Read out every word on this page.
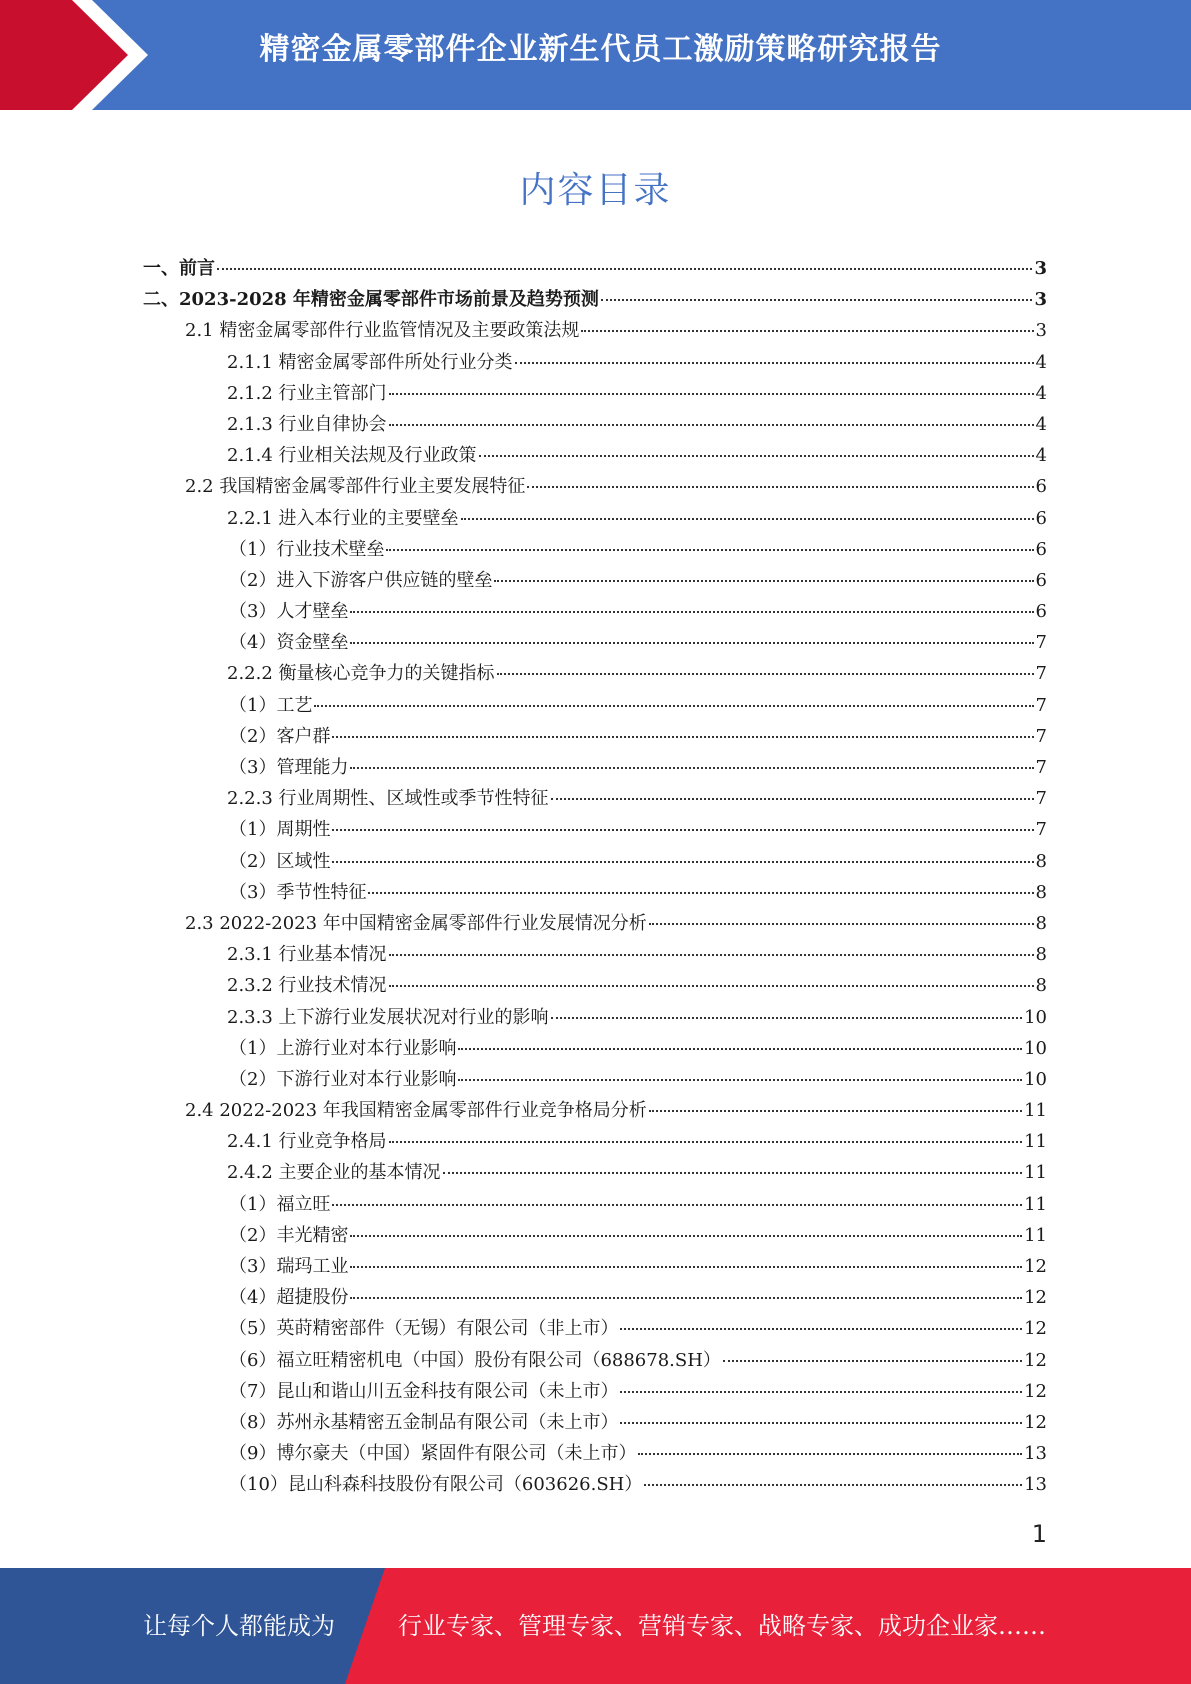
精密金属零部件企业新生代员工激励策略研究报告
内容目录
一、前言	3
二、2023-2028 年精密金属零部件市场前景及趋势预测	3
2.1 精密金属零部件行业监管情况及主要政策法规	3
2.1.1 精密金属零部件所处行业分类	4
2.1.2 行业主管部门	4
2.1.3 行业自律协会	4
2.1.4 行业相关法规及行业政策	4
2.2 我国精密金属零部件行业主要发展特征	6
2.2.1 进入本行业的主要壁垒	6
（1）行业技术壁垒	6
（2）进入下游客户供应链的壁垒	6
（3）人才壁垒	6
（4）资金壁垒	7
2.2.2 衡量核心竞争力的关键指标	7
（1）工艺	7
（2）客户群	7
（3）管理能力	7
2.2.3 行业周期性、区域性或季节性特征	7
（1）周期性	7
（2）区域性	8
（3）季节性特征	8
2.3 2022-2023 年中国精密金属零部件行业发展情况分析	8
2.3.1 行业基本情况	8
2.3.2 行业技术情况	8
2.3.3 上下游行业发展状况对行业的影响	10
（1）上游行业对本行业影响	10
（2）下游行业对本行业影响	10
2.4 2022-2023 年我国精密金属零部件行业竞争格局分析	11
2.4.1 行业竞争格局	11
2.4.2 主要企业的基本情况	11
（1）福立旺	11
（2）丰光精密	11
（3）瑞玛工业	12
（4）超捷股份	12
（5）英莳精密部件（无锡）有限公司（非上市）	12
（6）福立旺精密机电（中国）股份有限公司（688678.SH）	12
（7）昆山和谐山川五金科技有限公司（未上市）	12
（8）苏州永基精密五金制品有限公司（未上市）	12
（9）博尔豪夫（中国）紧固件有限公司（未上市）	13
（10）昆山科森科技股份有限公司（603626.SH）	13
1
让每个人都能成为	行业专家、管理专家、营销专家、战略专家、成功企业家……
